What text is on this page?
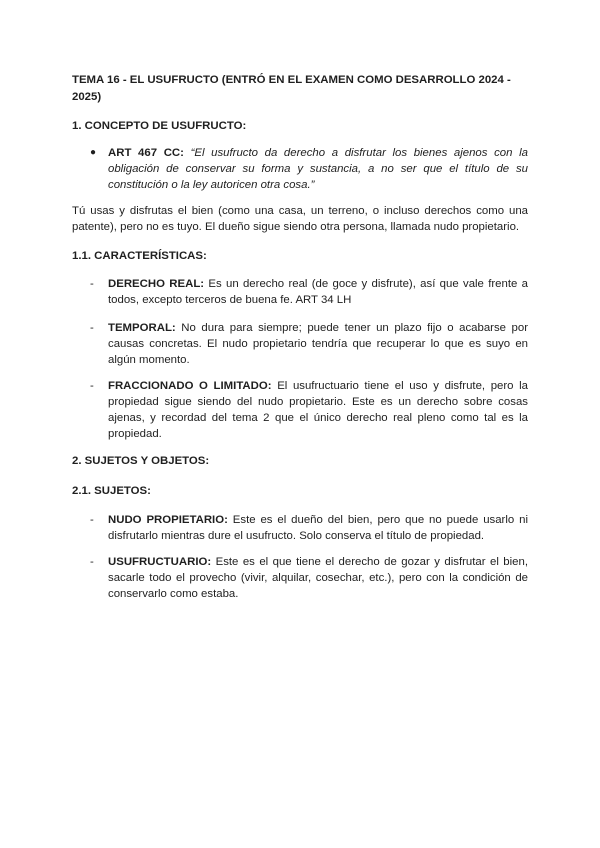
TEMA 16 - EL USUFRUCTO (ENTRÓ EN EL EXAMEN COMO DESARROLLO 2024 - 2025)
1. CONCEPTO DE USUFRUCTO:
● ART 467 CC: “El usufructo da derecho a disfrutar los bienes ajenos con la obligación de conservar su forma y sustancia, a no ser que el título de su constitución o la ley autoricen otra cosa.”
Tú usas y disfrutas el bien (como una casa, un terreno, o incluso derechos como una patente), pero no es tuyo. El dueño sigue siendo otra persona, llamada nudo propietario.
1.1. CARACTERÍSTICAS:
- DERECHO REAL: Es un derecho real (de goce y disfrute), así que vale frente a todos, excepto terceros de buena fe. ART 34 LH
- TEMPORAL: No dura para siempre; puede tener un plazo fijo o acabarse por causas concretas. El nudo propietario tendría que recuperar lo que es suyo en algún momento.
- FRACCIONADO O LIMITADO: El usufructuario tiene el uso y disfrute, pero la propiedad sigue siendo del nudo propietario. Este es un derecho sobre cosas ajenas, y recordad del tema 2 que el único derecho real pleno como tal es la propiedad.
2. SUJETOS Y OBJETOS:
2.1. SUJETOS:
- NUDO PROPIETARIO: Este es el dueño del bien, pero que no puede usarlo ni disfrutarlo mientras dure el usufructo. Solo conserva el título de propiedad.
- USUFRUCTUARIO: Este es el que tiene el derecho de gozar y disfrutar el bien, sacarle todo el provecho (vivir, alquilar, cosechar, etc.), pero con la condición de conservarlo como estaba.
